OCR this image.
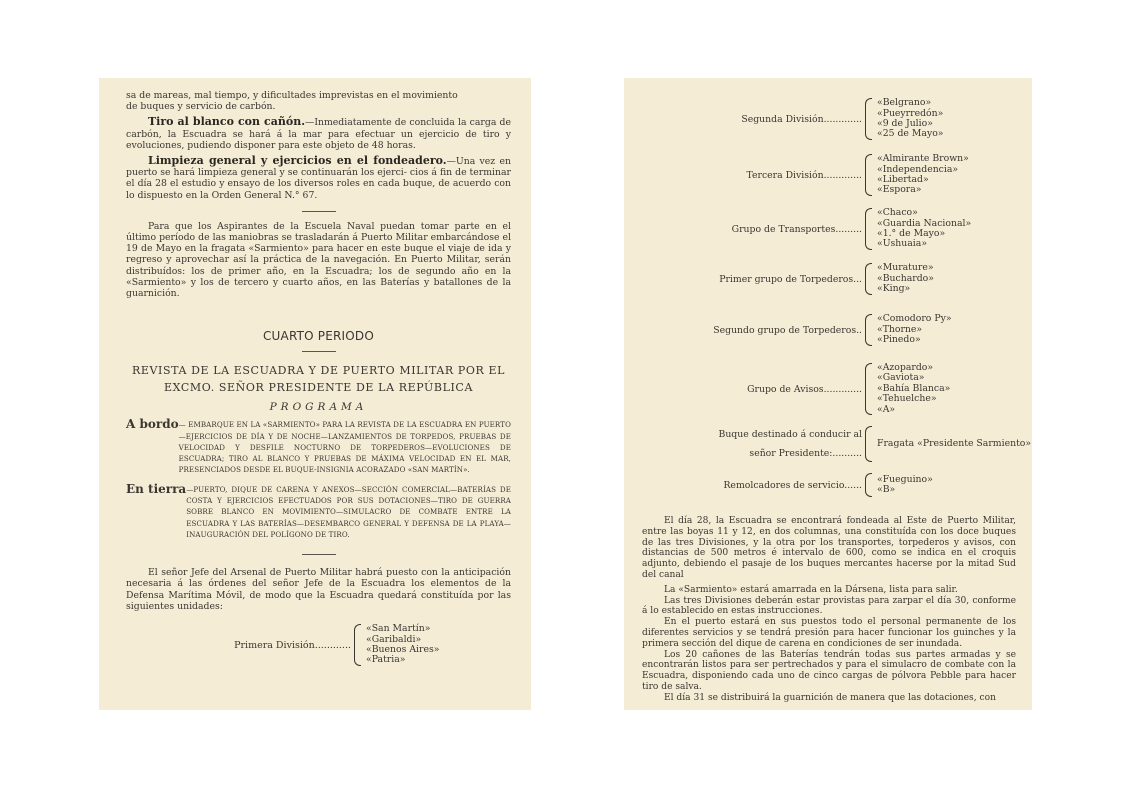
sa de mareas, mal tiempo, y dificultades imprevistas en el movimiento

de buques y servicio de carbón.

Tiro al blanco con cañón.—Inmediatamente de concluida la carga de carbón, la Escuadra se hará á la mar para efectuar un ejercicio de tiro y evoluciones, pudiendo disponer para este objeto de 48 horas.

Limpieza general y ejercicios en el fondeadero.—Una vez en puerto se hará limpieza general y se continuarán los ejerci- cios á fin de terminar el día 28 el estudio y ensayo de los diversos roles en cada buque, de acuerdo con lo dispuesto en la Orden General N.° 67.

Para que los Aspirantes de la Escuela Naval puedan tomar parte en el último período de las maniobras se trasladarán á Puerto Militar embarcándose el 19 de Mayo en la fragata «Sarmiento» para hacer en este buque el viaje de ida y regreso y aprovechar así la práctica de la navegación. En Puerto Militar, serán distribuídos: los de primer año, en la Escuadra; los de segundo año en la «Sarmiento» y los de tercero y cuarto años, en las Baterías y batallones de la guarnición.

CUARTO PERIODO

REVISTA DE LA ESCUADRA Y DE PUERTO MILITAR POR EL

EXCMO. SEÑOR PRESIDENTE DE LA REPÚBLICA

PROGRAMA

A bordo — EMBARQUE EN LA «SARMIENTO» PARA LA REVISTA DE LA ESCUADRA EN PUERTO—EJERCICIOS DE DÍA Y DE NOCHE—LANZAMIENTOS DE TORPEDOS, PRUEBAS DE VELOCIDAD Y DESFILE NOCTURNO DE TORPEDEROS—EVOLUCIONES DE ESCUADRA; TIRO AL BLANCO Y PRUEBAS DE MÁXIMA VELOCIDAD EN EL MAR, PRESENCIADOS DESDE EL BUQUE-INSIGNIA ACORAZADO «SAN MARTÍN».
En tierra —PUERTO, DIQUE DE CARENA Y ANEXOS—SECCIÓN COMERCIAL—BATERÍAS DE COSTA Y EJERCICIOS EFECTUADOS POR SUS DOTACIONES—TIRO DE GUERRA SOBRE BLANCO EN MOVIMIENTO—SIMULACRO DE COMBATE ENTRE LA ESCUADRA Y LAS BATERÍAS—DESEMBARCO GENERAL Y DEFENSA DE LA PLAYA—INAUGURACIÓN DEL POLÍGONO DE TIRO.

El señor Jefe del Arsenal de Puerto Militar habrá puesto con la anticipación necesaria á las órdenes del señor Jefe de la Escuadra los elementos de la Defensa Marítima Móvil, de modo que la Escuadra quedará constituída por las siguientes unidades:

Primera División............
«San Martín»
«Garibaldi»
«Buenos Aires»
«Patria»
Segunda División.............
«Belgrano»
«Pueyrredón»
«9 de Julio»
«25 de Mayo»
Tercera División.............
«Almirante Brown»
«Independencia»
«Libertad»
«Espora»
Grupo de Transportes.........
«Chaco»
«Guardia Nacional»
«1.° de Mayo»
«Ushuaia»
Primer grupo de Torpederos...
«Murature»
«Buchardo»
«King»
Segundo grupo de Torpederos..
«Comodoro Py»
«Thorne»
«Pinedo»
Grupo de Avisos.............
«Azopardo»
«Gaviota»
«Bahía Blanca»
«Tehuelche»
«A»
Buque destinado á conducir al
señor Presidente:..........
Fragata «Presidente Sarmiento»
Remolcadores de servicio......
«Fueguino»
«B»

El día 28, la Escuadra se encontrará fondeada al Este de Puerto Militar, entre las boyas 11 y 12, en dos columnas, una constituída con los doce buques de las tres Divisiones, y la otra por los transportes, torpederos y avisos, con distancias de 500 metros é intervalo de 600, como se indica en el croquis adjunto, debiendo el pasaje de los buques mercantes hacerse por la mitad Sud del canal

La «Sarmiento» estará amarrada en la Dársena, lista para salir.

Las tres Divisiones deberán estar provistas para zarpar el día 30, conforme á lo establecido en estas instrucciones.

En el puerto estará en sus puestos todo el personal permanente de los diferentes servicios y se tendrá presión para hacer funcionar los guinches y la primera sección del dique de carena en condiciones de ser inundada.

Los 20 cañones de las Baterías tendrán todas sus partes armadas y se encontrarán listos para ser pertrechados y para el simulacro de combate con la Escuadra, disponiendo cada uno de cinco cargas de pólvora Pebble para hacer tiro de salva.

El día 31 se distribuirá la guarnición de manera que las dotaciones, con
